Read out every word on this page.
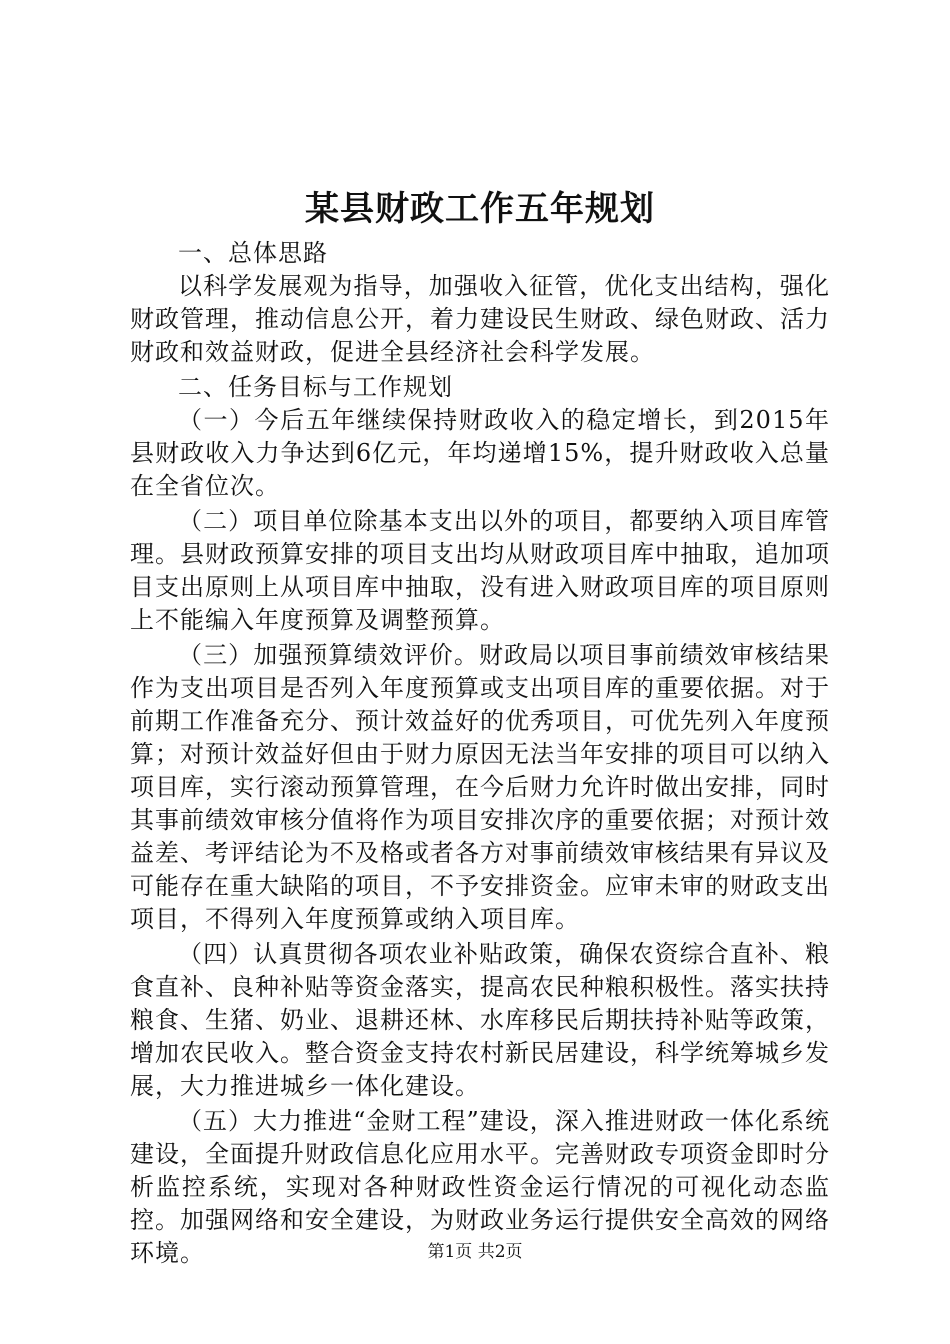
某县财政工作五年规划

一、总体思路

以科学发展观为指导，加强收入征管，优化支出结构，强化财政管理，推动信息公开，着力建设民生财政、绿色财政、活力财政和效益财政，促进全县经济社会科学发展。

二、任务目标与工作规划

（一）今后五年继续保持财政收入的稳定增长，到2015年县财政收入力争达到6亿元，年均递增15%，提升财政收入总量在全省位次。

（二）项目单位除基本支出以外的项目，都要纳入项目库管理。县财政预算安排的项目支出均从财政项目库中抽取，追加项目支出原则上从项目库中抽取，没有进入财政项目库的项目原则上不能编入年度预算及调整预算。

（三）加强预算绩效评价。财政局以项目事前绩效审核结果作为支出项目是否列入年度预算或支出项目库的重要依据。对于前期工作准备充分、预计效益好的优秀项目，可优先列入年度预算；对预计效益好但由于财力原因无法当年安排的项目可以纳入项目库，实行滚动预算管理，在今后财力允许时做出安排，同时其事前绩效审核分值将作为项目安排次序的重要依据；对预计效益差、考评结论为不及格或者各方对事前绩效审核结果有异议及可能存在重大缺陷的项目，不予安排资金。应审未审的财政支出项目，不得列入年度预算或纳入项目库。

（四）认真贯彻各项农业补贴政策，确保农资综合直补、粮食直补、良种补贴等资金落实，提高农民种粮积极性。落实扶持粮食、生猪、奶业、退耕还林、水库移民后期扶持补贴等政策，增加农民收入。整合资金支持农村新民居建设，科学统筹城乡发展，大力推进城乡一体化建设。

（五）大力推进“金财工程”建设，深入推进财政一体化系统建设，全面提升财政信息化应用水平。完善财政专项资金即时分析监控系统，实现对各种财政性资金运行情况的可视化动态监控。加强网络和安全建设，为财政业务运行提供安全高效的网络环境。	第1页 共2页
